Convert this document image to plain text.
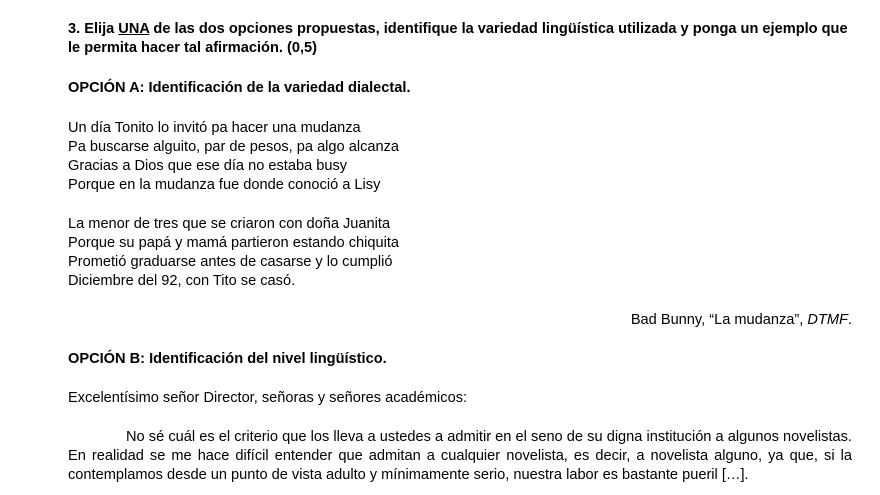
3. Elija UNA de las dos opciones propuestas, identifique la variedad lingüística utilizada y ponga un ejemplo que le permita hacer tal afirmación. (0,5)

OPCIÓN A: Identificación de la variedad dialectal.

Un día Tonito lo invitó pa hacer una mudanza
Pa buscarse alguito, par de pesos, pa algo alcanza
Gracias a Dios que ese día no estaba busy
Porque en la mudanza fue donde conoció a Lisy

La menor de tres que se criaron con doña Juanita
Porque su papá y mamá partieron estando chiquita
Prometió graduarse antes de casarse y lo cumplió
Diciembre del 92, con Tito se casó.

Bad Bunny, “La mudanza”, DTMF.

OPCIÓN B: Identificación del nivel lingüístico.

Excelentísimo señor Director, señoras y señores académicos:

No sé cuál es el criterio que los lleva a ustedes a admitir en el seno de su digna institución a algunos novelistas. En realidad se me hace difícil entender que admitan a cualquier novelista, es decir, a novelista alguno, ya que, si la contemplamos desde un punto de vista adulto y mínimamente serio, nuestra labor es bastante pueril […].
